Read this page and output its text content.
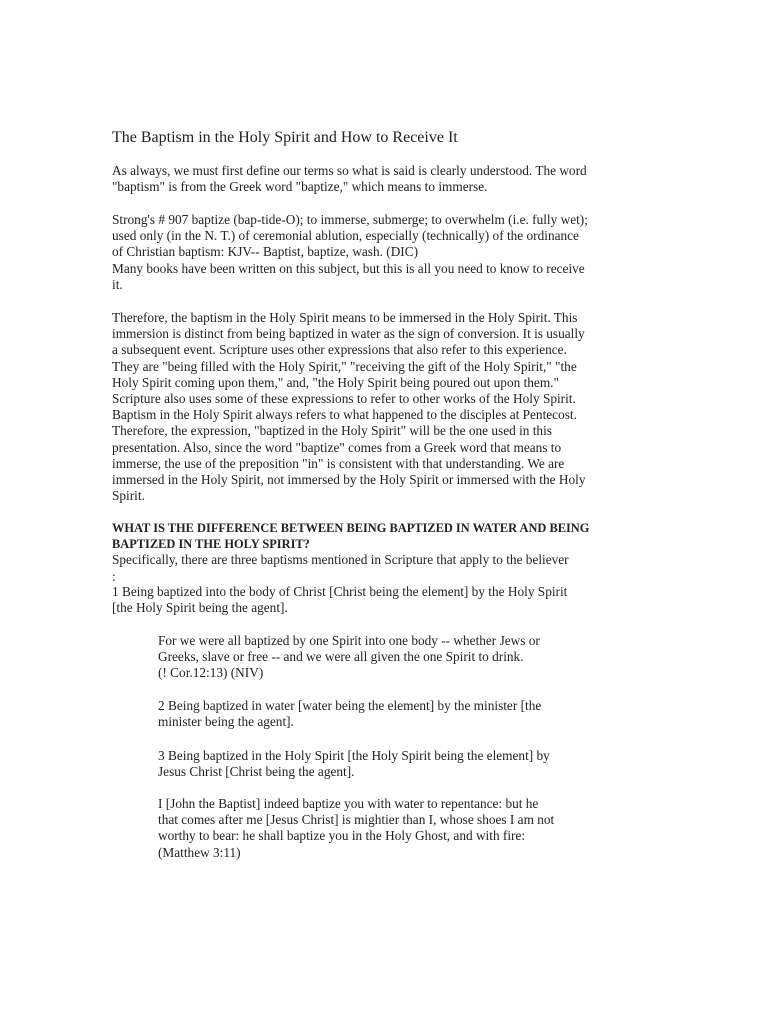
The Baptism in the Holy Spirit and How to Receive It

As always, we must first define our terms so what is said is clearly understood. The word
"baptism" is from the Greek word "baptize," which means to immerse.

Strong's # 907 baptize (bap-tide-O); to immerse, submerge; to overwhelm (i.e. fully wet);
used only (in the N. T.) of ceremonial ablution, especially (technically) of the ordinance
of Christian baptism: KJV-- Baptist, baptize, wash. (DIC)
Many books have been written on this subject, but this is all you need to know to receive
it.

Therefore, the baptism in the Holy Spirit means to be immersed in the Holy Spirit. This
immersion is distinct from being baptized in water as the sign of conversion. It is usually
a subsequent event. Scripture uses other expressions that also refer to this experience.
They are "being filled with the Holy Spirit," "receiving the gift of the Holy Spirit," "the
Holy Spirit coming upon them," and, "the Holy Spirit being poured out upon them."
Scripture also uses some of these expressions to refer to other works of the Holy Spirit.
Baptism in the Holy Spirit always refers to what happened to the disciples at Pentecost.
Therefore, the expression, "baptized in the Holy Spirit" will be the one used in this
presentation. Also, since the word "baptize" comes from a Greek word that means to
immerse, the use of the preposition "in" is consistent with that understanding. We are
immersed in the Holy Spirit, not immersed by the Holy Spirit or immersed with the Holy
Spirit.

WHAT IS THE DIFFERENCE BETWEEN BEING BAPTIZED IN WATER AND BEING
BAPTIZED IN THE HOLY SPIRIT?
Specifically, there are three baptisms mentioned in Scripture that apply to the believer
:

1 Being baptized into the body of Christ [Christ being the element] by the Holy Spirit
[the Holy Spirit being the agent].

For we were all baptized by one Spirit into one body -- whether Jews or
Greeks, slave or free -- and we were all given the one Spirit to drink.
(! Cor.12:13) (NIV)

2 Being baptized in water [water being the element] by the minister [the
minister being the agent].

3 Being baptized in the Holy Spirit [the Holy Spirit being the element] by
Jesus Christ [Christ being the agent].

I [John the Baptist] indeed baptize you with water to repentance: but he
that comes after me [Jesus Christ] is mightier than I, whose shoes I am not
worthy to bear: he shall baptize you in the Holy Ghost, and with fire:
(Matthew 3:11)
